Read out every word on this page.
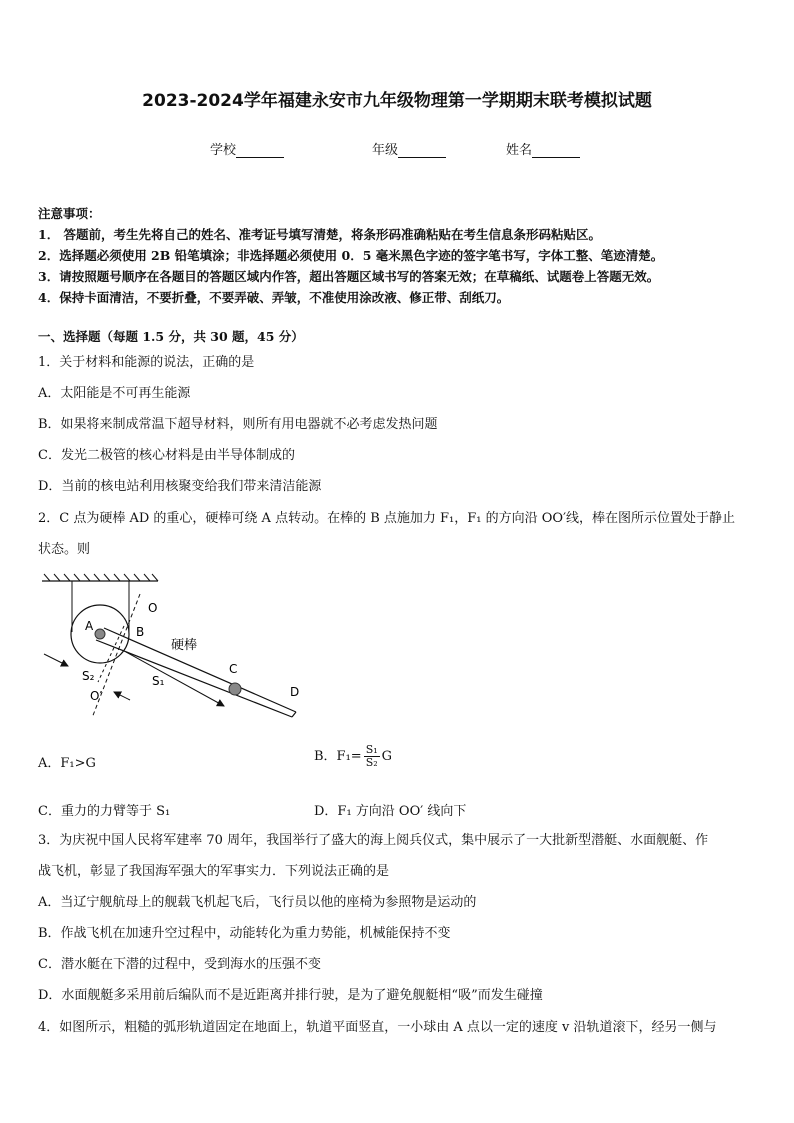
2023-2024学年福建永安市九年级物理第一学期期末联考模拟试题
学校	年级	姓名
注意事项：
1． 答题前，考生先将自己的姓名、准考证号填写清楚，将条形码准确粘贴在考生信息条形码粘贴区。
2．选择题必须使用 2B 铅笔填涂；非选择题必须使用 0．5 毫米黑色字迹的签字笔书写，字体工整、笔迹清楚。
3．请按照题号顺序在各题目的答题区域内作答，超出答题区域书写的答案无效；在草稿纸、试题卷上答题无效。
4．保持卡面清洁，不要折叠，不要弄破、弄皱，不准使用涂改液、修正带、刮纸刀。
一、选择题（每题 1.5 分，共 30 题，45 分）
1．关于材料和能源的说法，正确的是
A．太阳能是不可再生能源
B．如果将来制成常温下超导材料，则所有用电器就不必考虑发热问题
C．发光二极管的核心材料是由半导体制成的
D．当前的核电站利用核聚变给我们带来清洁能源
2．C 点为硬棒 AD 的重心，硬棒可绕 A 点转动。在棒的 B 点施加力 F₁，F₁ 的方向沿 OO′线，棒在图所示位置处于静止
状态。则
A	B
C
D
O
O′
S₁
S₂
硬棒
A．F₁>G	B．$F_1= \frac{\text{S₁}}{\text{S₂}}$ G
C．重力的力臂等于 S₁	D．F₁ 方向沿 OO′ 线向下
3．为庆祝中国人民将军建率 70 周年，我国举行了盛大的海上阅兵仪式，集中展示了一大批新型潜艇、水面舰艇、作
战飞机，彰显了我国海军强大的军事实力．下列说法正确的是
A．当辽宁舰航母上的舰载飞机起飞后，飞行员以他的座椅为参照物是运动的
B．作战飞机在加速升空过程中，动能转化为重力势能，机械能保持不变
C．潜水艇在下潜的过程中，受到海水的压强不变
D．水面舰艇多采用前后编队而不是近距离并排行驶，是为了避免舰艇相“吸”而发生碰撞
4．如图所示，粗糙的弧形轨道固定在地面上，轨道平面竖直，一小球由 A 点以一定的速度 v 沿轨道滚下，经另一侧与
